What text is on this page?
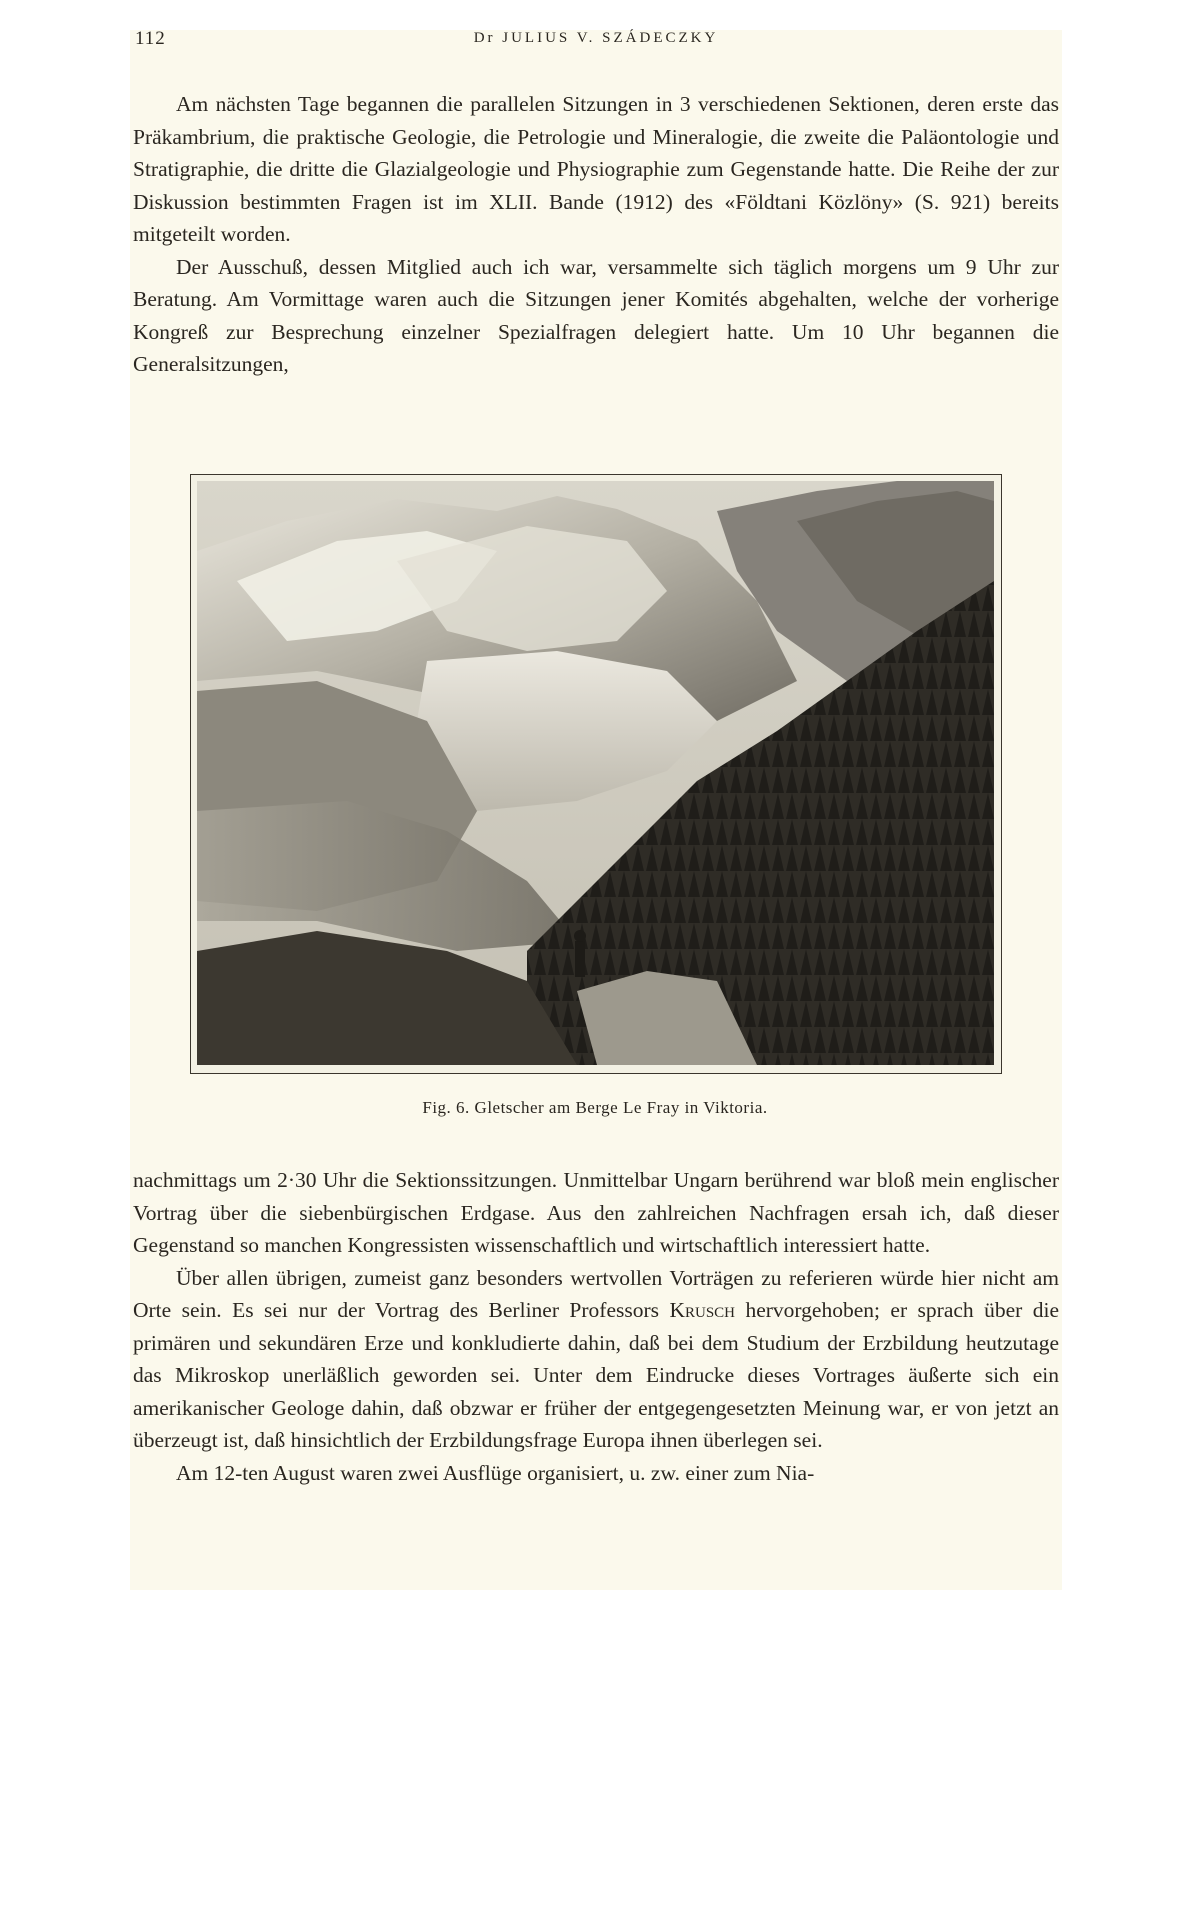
112	Dr JULIUS V. SZÁDECZKY

Am nächsten Tage begannen die parallelen Sitzungen in 3 verschiedenen Sektionen, deren erste das Präkambrium, die praktische Geologie, die Petrologie und Mineralogie, die zweite die Paläontologie und Stratigraphie, die dritte die Glazialgeologie und Physiographie zum Gegenstande hatte. Die Reihe der zur Diskussion bestimmten Fragen ist im XLII. Bande (1912) des «Földtani Közlöny» (S. 921) bereits mitgeteilt worden.

Der Ausschuß, dessen Mitglied auch ich war, versammelte sich täglich morgens um 9 Uhr zur Beratung. Am Vormittage waren auch die Sitzungen jener Komités abgehalten, welche der vorherige Kongreß zur Besprechung einzelner Spezialfragen delegiert hatte. Um 10 Uhr begannen die Generalsitzungen,

Fig. 6. Gletscher am Berge Le Fray in Viktoria.

nachmittags um 2·30 Uhr die Sektionssitzungen. Unmittelbar Ungarn berührend war bloß mein englischer Vortrag über die siebenbürgischen Erdgase. Aus den zahlreichen Nachfragen ersah ich, daß dieser Gegenstand so manchen Kongressisten wissenschaftlich und wirtschaftlich interessiert hatte.

Über allen übrigen, zumeist ganz besonders wertvollen Vorträgen zu referieren würde hier nicht am Orte sein. Es sei nur der Vortrag des Berliner Professors Krusch hervorgehoben; er sprach über die primären und sekundären Erze und konkludierte dahin, daß bei dem Studium der Erzbildung heutzutage das Mikroskop unerläßlich geworden sei. Unter dem Eindrucke dieses Vortrages äußerte sich ein amerikanischer Geologe dahin, daß obzwar er früher der entgegengesetzten Meinung war, er von jetzt an überzeugt ist, daß hinsichtlich der Erzbildungsfrage Europa ihnen überlegen sei.

Am 12-ten August waren zwei Ausflüge organisiert, u. zw. einer zum Nia-
